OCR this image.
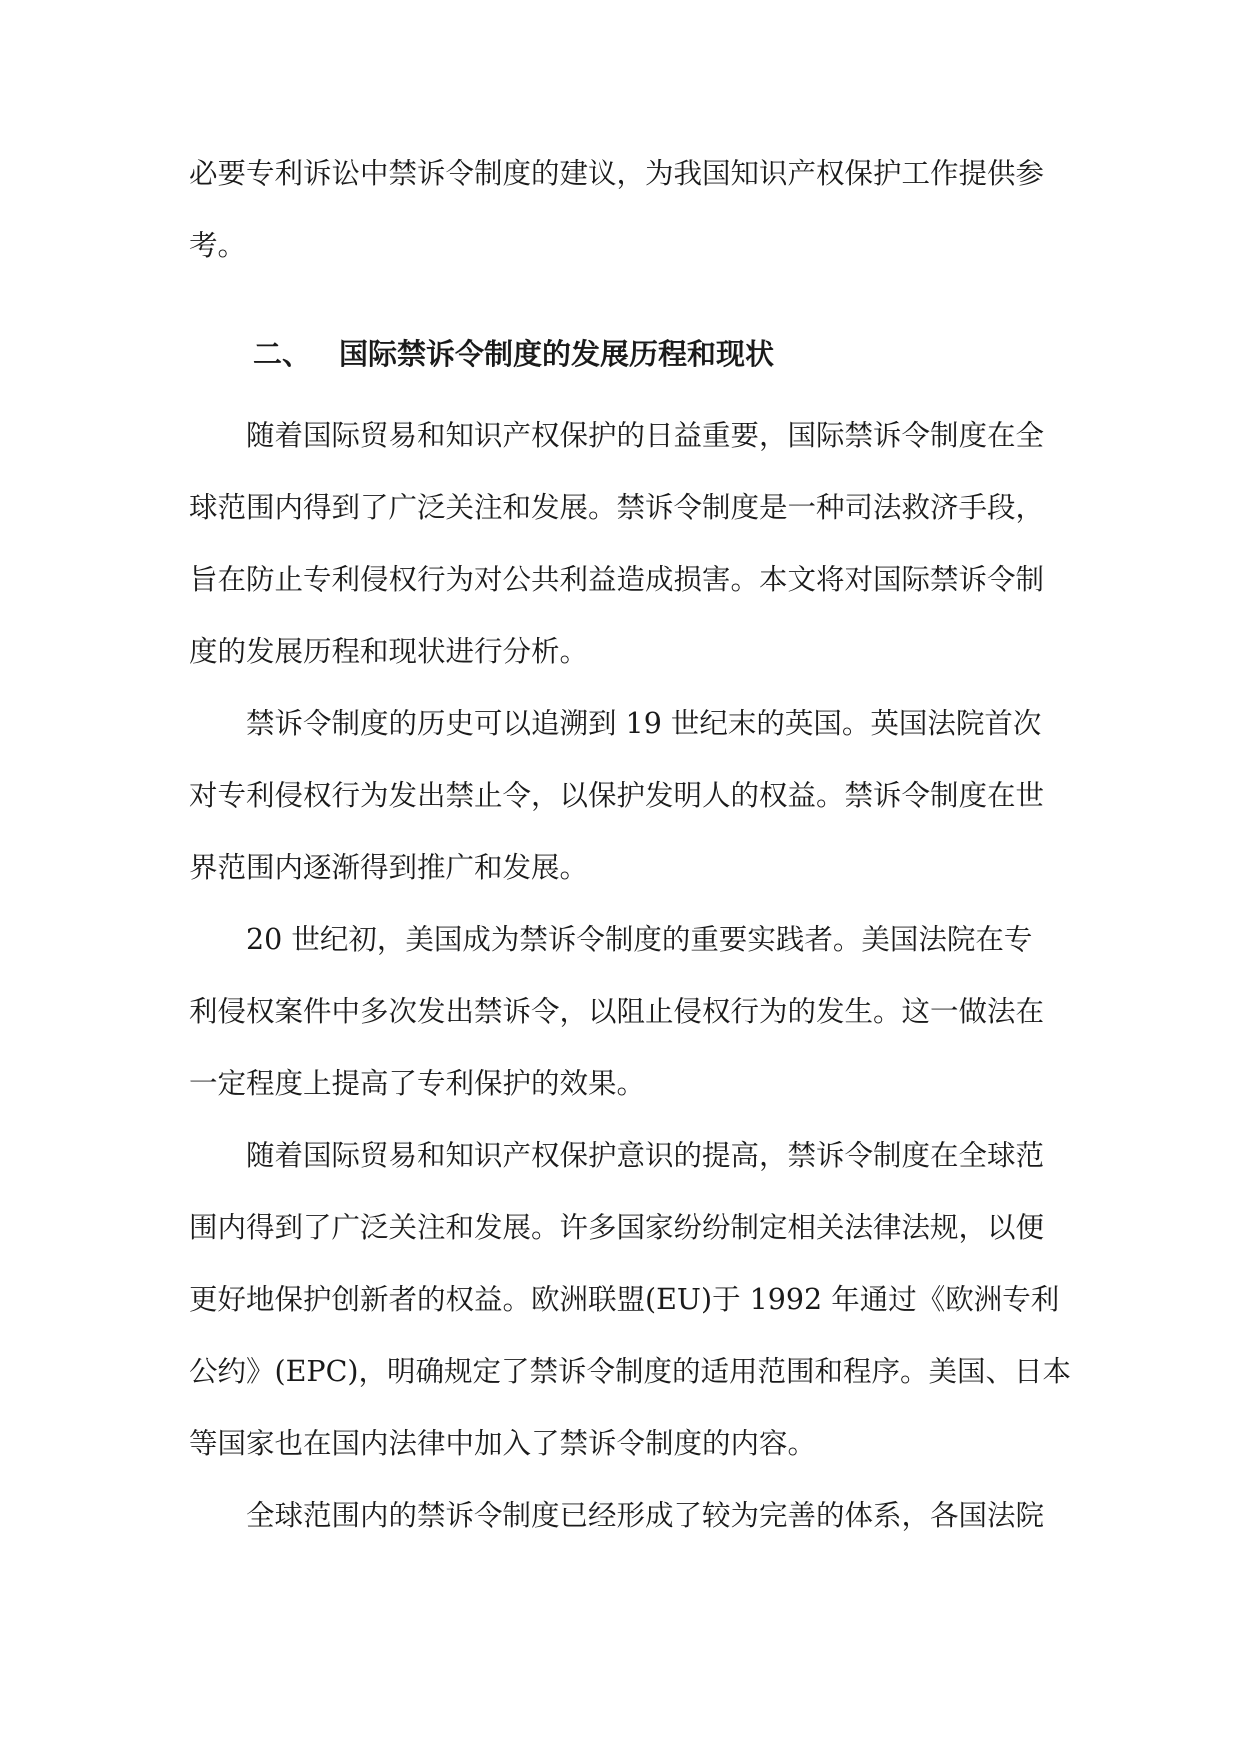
必要专利诉讼中禁诉令制度的建议，为我国知识产权保护工作提供参
考。
二、 国际禁诉令制度的发展历程和现状
随着国际贸易和知识产权保护的日益重要，国际禁诉令制度在全
球范围内得到了广泛关注和发展。禁诉令制度是一种司法救济手段，
旨在防止专利侵权行为对公共利益造成损害。本文将对国际禁诉令制
度的发展历程和现状进行分析。
禁诉令制度的历史可以追溯到 19 世纪末的英国。英国法院首次
对专利侵权行为发出禁止令，以保护发明人的权益。禁诉令制度在世
界范围内逐渐得到推广和发展。
20 世纪初，美国成为禁诉令制度的重要实践者。美国法院在专
利侵权案件中多次发出禁诉令，以阻止侵权行为的发生。这一做法在
一定程度上提高了专利保护的效果。
随着国际贸易和知识产权保护意识的提高，禁诉令制度在全球范
围内得到了广泛关注和发展。许多国家纷纷制定相关法律法规，以便
更好地保护创新者的权益。欧洲联盟(EU)于 1992 年通过《欧洲专利
公约》(EPC)，明确规定了禁诉令制度的适用范围和程序。美国、日本
等国家也在国内法律中加入了禁诉令制度的内容。
全球范围内的禁诉令制度已经形成了较为完善的体系，各国法院
